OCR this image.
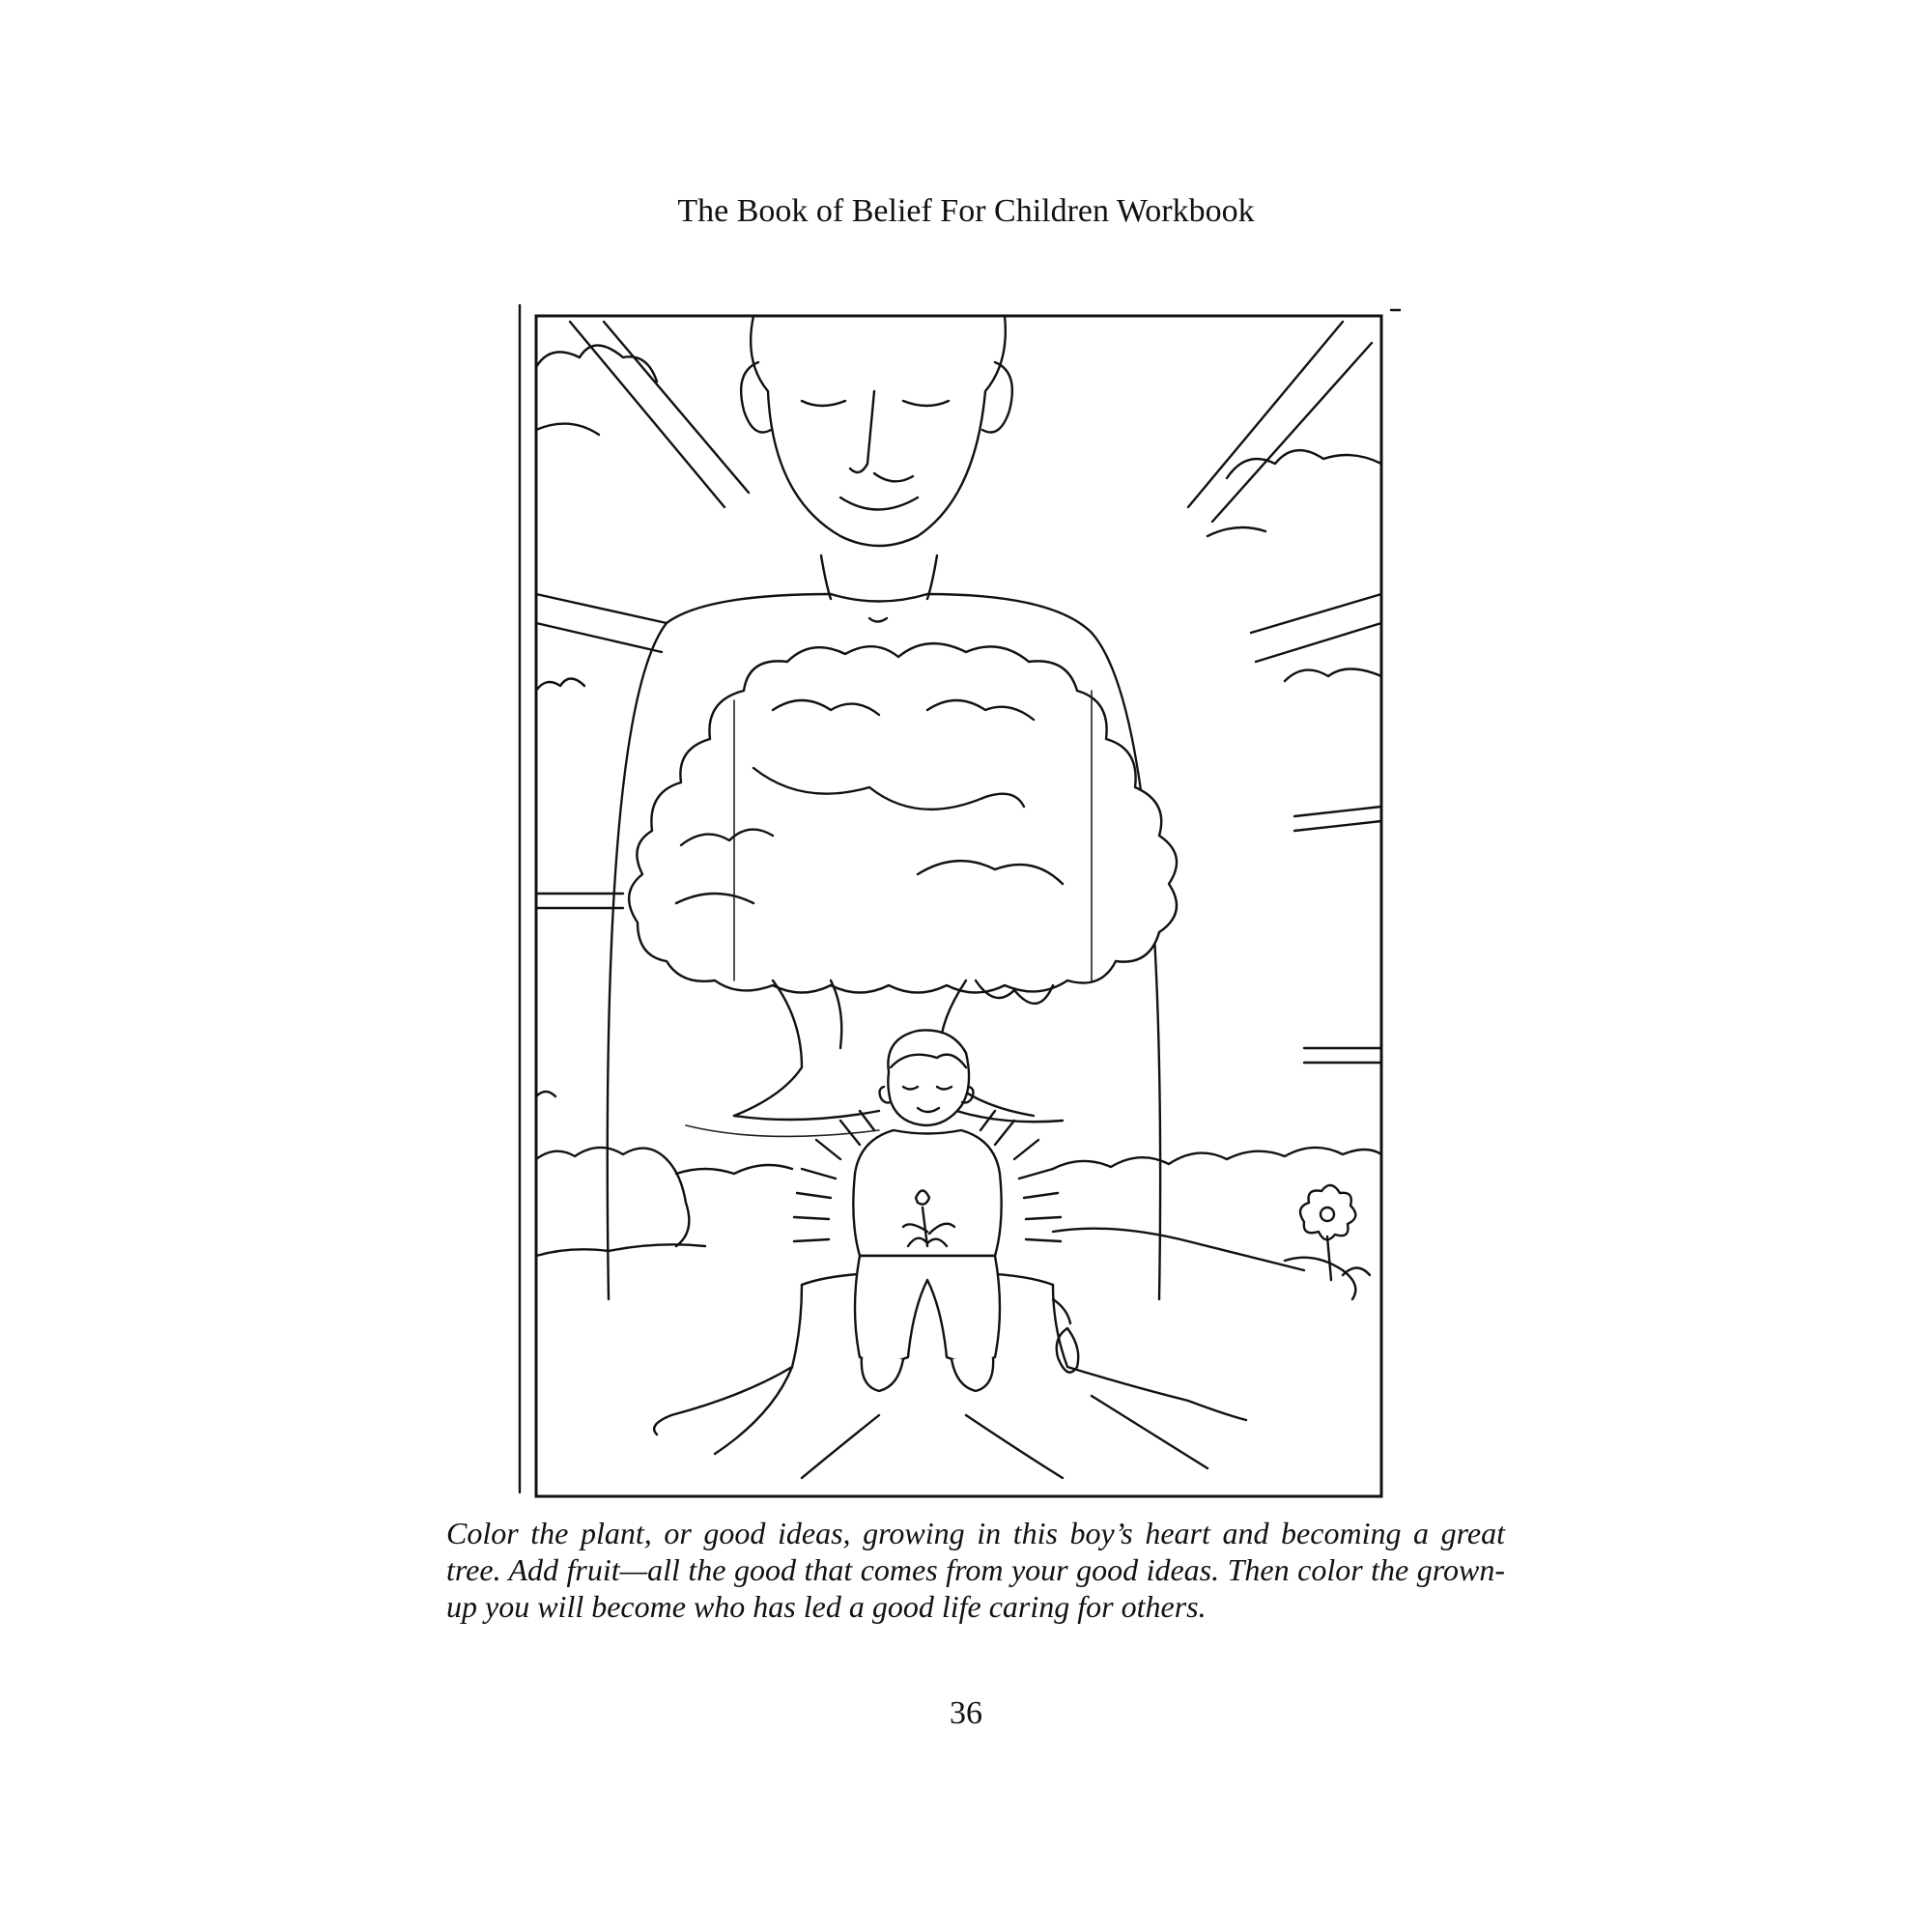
The Book of Belief For Children Workbook
Color the plant, or good ideas, growing in this boy’s heart and becoming a great tree. Add fruit—all the good that comes from your good ideas. Then color the grown-up you will become who has led a good life caring for others.
36
